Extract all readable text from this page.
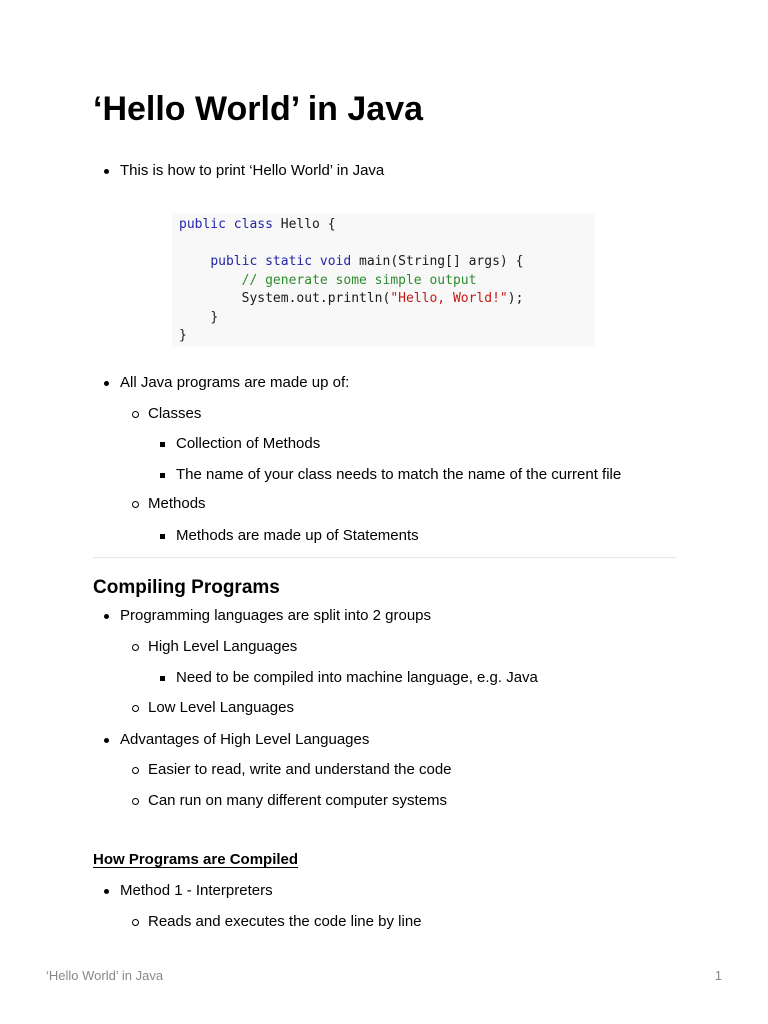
‘Hello World’ in Java
This is how to print ‘Hello World’ in Java
public class Hello {

public static void main(String[] args) {
// generate some simple output
System.out.println("Hello, World!");
}
}
All Java programs are made up of:
Classes
Collection of Methods
The name of your class needs to match the name of the current file
Methods
Methods are made up of Statements
Compiling Programs
Programming languages are split into 2 groups
High Level Languages
Need to be compiled into machine language, e.g. Java
Low Level Languages
Advantages of High Level Languages
Easier to read, write and understand the code
Can run on many different computer systems
How Programs are Compiled
Method 1 - Interpreters
Reads and executes the code line by line
‘Hello World’ in Java	1
